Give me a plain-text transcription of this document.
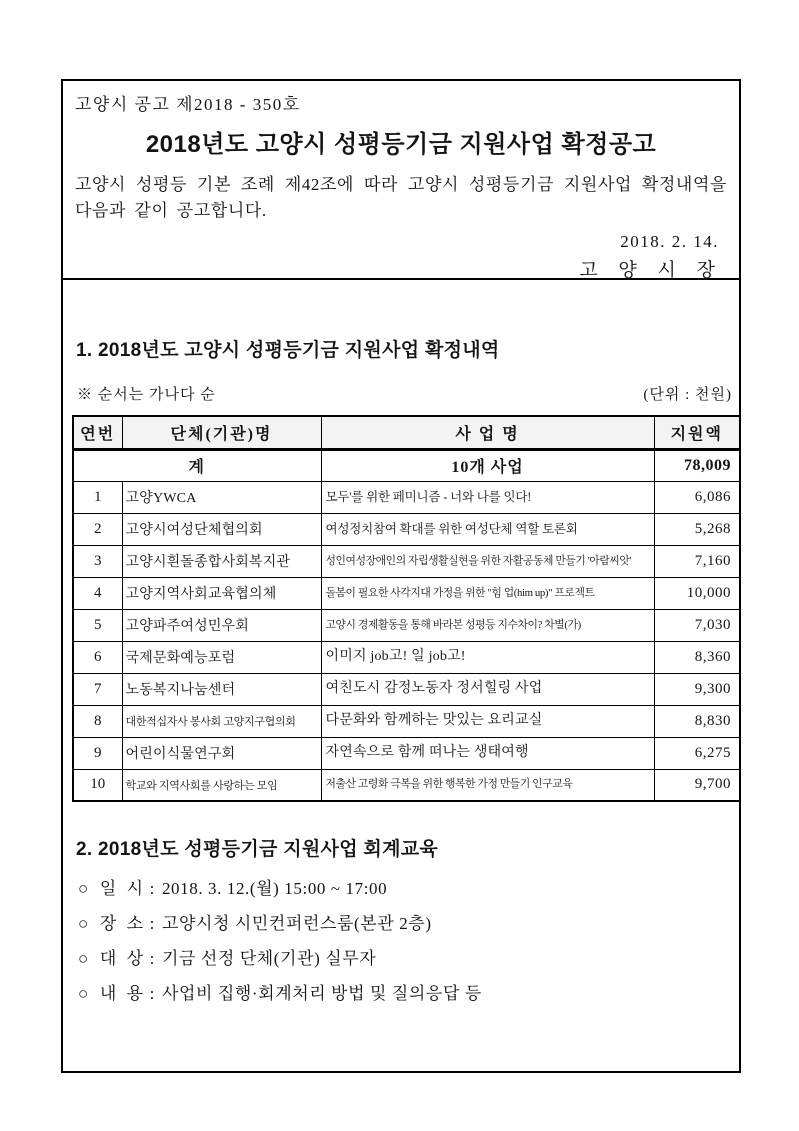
고양시 공고 제2018 - 350호
2018년도 고양시 성평등기금 지원사업 확정공고
고양시 성평등 기본 조례 제42조에 따라 고양시 성평등기금 지원사업 확정내역을 다음과 같이 공고합니다.
2018. 2. 14.
고 양 시 장
1. 2018년도 고양시 성평등기금 지원사업 확정내역
※ 순서는 가나다 순	(단위 : 천원)
연번	단체(기관)명	사 업 명	지원액
계		10개 사업	78,009
1	고양YWCA	모두'를 위한 페미니즘 - 너와 나를 잇다!	6,086
2	고양시여성단체협의회	여성정치참여 확대를 위한 여성단체 역할 토론회	5,268
3	고양시흰돌종합사회복지관	성인여성장애인의 자립생활실현을 위한 자활공동체 만들기 '아람씨앗'	7,160
4	고양지역사회교육협의체	돌봄이 필요한 사각지대 가정을 위한 "힘 업(him up)" 프로젝트	10,000
5	고양파주여성민우회	고양시 경제활동을 통해 바라본 성평등 지수차이? 차별(가)	7,030
6	국제문화예능포럼	이미지 job고! 일 job고!	8,360
7	노동복지나눔센터	여친도시 감정노동자 정서힐링 사업	9,300
8	대한적십자사 봉사회 고양지구협의회	다문화와 함께하는 맛있는 요리교실	8,830
9	어린이식물연구회	자연속으로 함께 떠나는 생태여행	6,275
10	학교와 지역사회를 사랑하는 모임	저출산 고령화 극복을 위한 행복한 가정 만들기 인구교육	9,700
2. 2018년도 성평등기금 지원사업 회계교육
○ 일  시 : 2018. 3. 12.(월) 15:00 ~ 17:00
○ 장  소 : 고양시청 시민컨퍼런스룸(본관 2층)
○ 대  상 : 기금 선정 단체(기관) 실무자
○ 내  용 : 사업비 집행·회계처리 방법 및 질의응답 등
